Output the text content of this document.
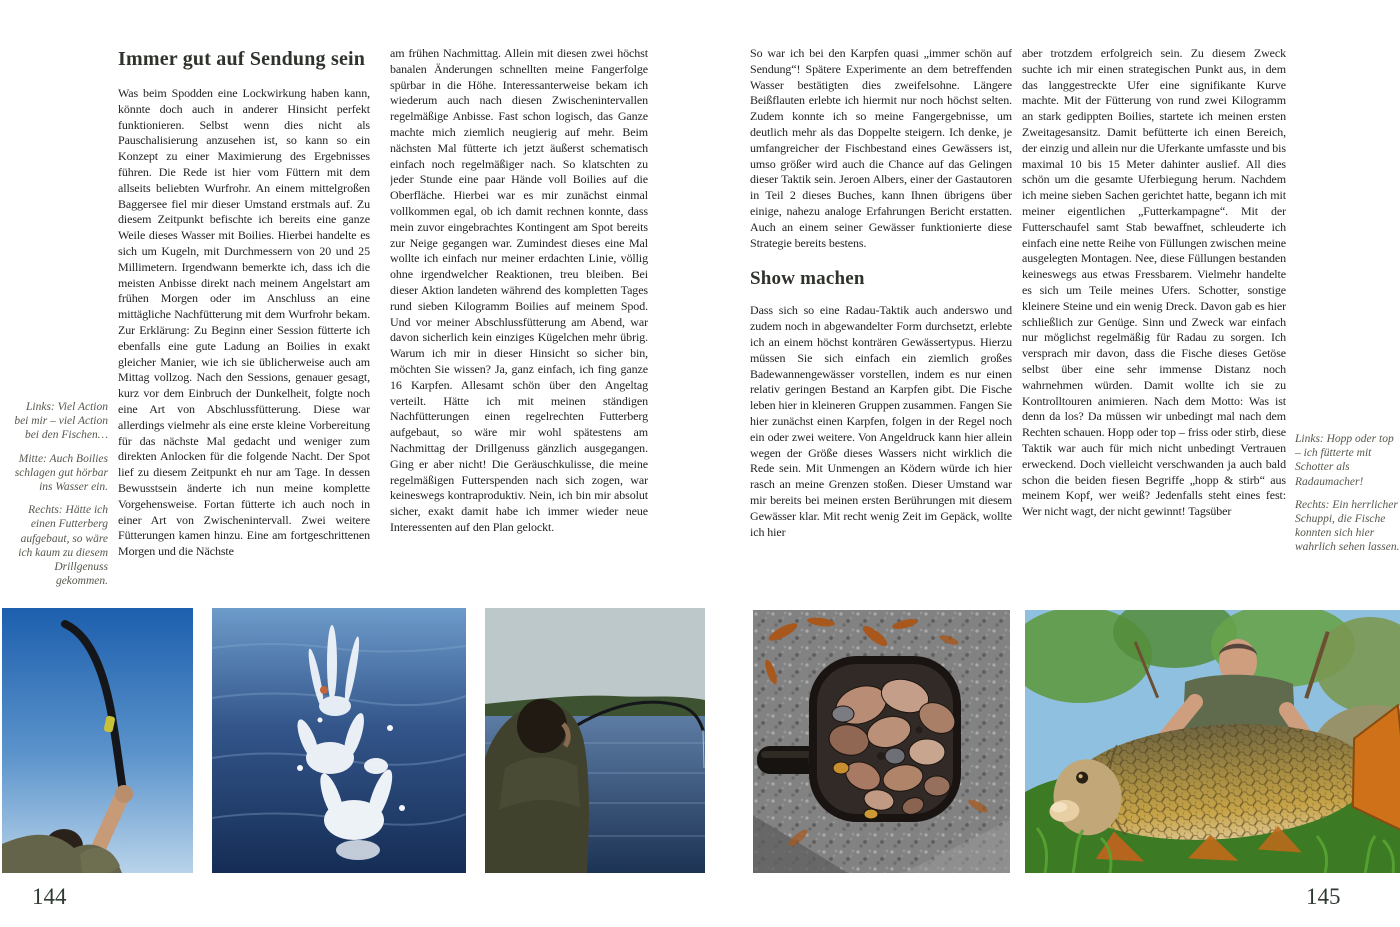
Immer gut auf Sendung sein
Was beim Spodden eine Lockwirkung haben kann, könnte doch auch in anderer Hinsicht perfekt funktionieren. Selbst wenn dies nicht als Pauschalisierung anzusehen ist, so kann so ein Konzept zu einer Maximierung des Ergebnisses führen. Die Rede ist hier vom Füttern mit dem allseits beliebten Wurfrohr. An einem mittelgroßen Baggersee fiel mir dieser Umstand erstmals auf. Zu diesem Zeitpunkt befischte ich bereits eine ganze Weile dieses Wasser mit Boilies. Hierbei handelte es sich um Kugeln, mit Durchmessern von 20 und 25 Millimetern. Irgendwann bemerkte ich, dass ich die meisten Anbisse direkt nach meinem Angelstart am frühen Morgen oder im Anschluss an eine mittägliche Nachfütterung mit dem Wurfrohr bekam. Zur Erklärung: Zu Beginn einer Session fütterte ich ebenfalls eine gute Ladung an Boilies in exakt gleicher Manier, wie ich sie üblicherweise auch am Mittag vollzog. Nach den Sessions, genauer gesagt, kurz vor dem Einbruch der Dunkelheit, folgte noch eine Art von Abschlussfütterung. Diese war allerdings vielmehr als eine erste kleine Vorbereitung für das nächste Mal gedacht und weniger zum direkten Anlocken für die folgende Nacht. Der Spot lief zu diesem Zeitpunkt eh nur am Tage. In dessen Bewusstsein änderte ich nun meine komplette Vorgehensweise. Fortan fütterte ich auch noch in einer Art von Zwischenintervall. Zwei weitere Fütterungen kamen hinzu. Eine am fortgeschrittenen Morgen und die Nächste
am frühen Nachmittag. Allein mit diesen zwei höchst banalen Änderungen schnellten meine Fangerfolge spürbar in die Höhe. Interessanterweise bekam ich wiederum auch nach diesen Zwischenintervallen regelmäßige Anbisse. Fast schon logisch, das Ganze machte mich ziemlich neugierig auf mehr. Beim nächsten Mal fütterte ich jetzt äußerst schematisch einfach noch regelmäßiger nach. So klatschten zu jeder Stunde eine paar Hände voll Boilies auf die Oberfläche. Hierbei war es mir zunächst einmal vollkommen egal, ob ich damit rechnen konnte, dass mein zuvor eingebrachtes Kontingent am Spot bereits zur Neige gegangen war. Zumindest dieses eine Mal wollte ich einfach nur meiner erdachten Linie, völlig ohne irgendwelcher Reaktionen, treu bleiben. Bei dieser Aktion landeten während des kompletten Tages rund sieben Kilogramm Boilies auf meinem Spod. Und vor meiner Abschlussfütterung am Abend, war davon sicherlich kein einziges Kügelchen mehr übrig. Warum ich mir in dieser Hinsicht so sicher bin, möchten Sie wissen? Ja, ganz einfach, ich fing ganze 16 Karpfen. Allesamt schön über den Angeltag verteilt. Hätte ich mit meinen ständigen Nachfütterungen einen regelrechten Futterberg aufgebaut, so wäre mir wohl spätestens am Nachmittag der Drillgenuss gänzlich ausgegangen. Ging er aber nicht! Die Geräuschkulisse, die meine regelmäßigen Futterspenden nach sich zogen, war keineswegs kontraproduktiv. Nein, ich bin mir absolut sicher, exakt damit habe ich immer wieder neue Interessenten auf den Plan gelockt.

Links: Viel Action bei mir – viel Action bei den Fischen…

Mitte: Auch Boilies schlagen gut hörbar ins Wasser ein.

Rechts: Hätte ich einen Futterberg aufgebaut, so wäre ich kaum zu diesem Drillgenuss gekommen.

144
So war ich bei den Karpfen quasi „immer schön auf Sendung“! Spätere Experimente an dem betreffenden Wasser bestätigten dies zweifelsohne. Längere Beißflauten erlebte ich hiermit nur noch höchst selten. Zudem konnte ich so meine Fangergebnisse, um deutlich mehr als das Doppelte steigern. Ich denke, je umfangreicher der Fischbestand eines Gewässers ist, umso größer wird auch die Chance auf das Gelingen dieser Taktik sein. Jeroen Albers, einer der Gastautoren in Teil 2 dieses Buches, kann Ihnen übrigens über einige, nahezu analoge Erfahrungen Bericht erstatten. Auch an einem seiner Gewässer funktionierte diese Strategie bereits bestens.
Show machen
Dass sich so eine Radau-Taktik auch anderswo und zudem noch in abgewandelter Form durchsetzt, erlebte ich an einem höchst konträren Gewässertypus. Hierzu müssen Sie sich einfach ein ziemlich großes Badewannengewässer vorstellen, indem es nur einen relativ geringen Bestand an Karpfen gibt. Die Fische leben hier in kleineren Gruppen zusammen. Fangen Sie hier zunächst einen Karpfen, folgen in der Regel noch ein oder zwei weitere. Von Angeldruck kann hier allein wegen der Größe dieses Wassers nicht wirklich die Rede sein. Mit Unmengen an Ködern würde ich hier rasch an meine Grenzen stoßen. Dieser Umstand war mir bereits bei meinen ersten Berührungen mit diesem Gewässer klar. Mit recht wenig Zeit im Gepäck, wollte ich hier
aber trotzdem erfolgreich sein. Zu diesem Zweck suchte ich mir einen strategischen Punkt aus, in dem das langgestreckte Ufer eine signifikante Kurve machte. Mit der Fütterung von rund zwei Kilogramm an stark gedippten Boilies, startete ich meinen ersten Zweitagesansitz. Damit befütterte ich einen Bereich, der einzig und allein nur die Uferkante umfasste und bis maximal 10 bis 15 Meter dahinter auslief. All dies schön um die gesamte Uferbiegung herum. Nachdem ich meine sieben Sachen gerichtet hatte, begann ich mit meiner eigentlichen „Futterkampagne“. Mit der Futterschaufel samt Stab bewaffnet, schleuderte ich einfach eine nette Reihe von Füllungen zwischen meine ausgelegten Montagen. Nee, diese Füllungen bestanden keineswegs aus etwas Fressbarem. Vielmehr handelte es sich um Teile meines Ufers. Schotter, sonstige kleinere Steine und ein wenig Dreck. Davon gab es hier schließlich zur Genüge. Sinn und Zweck war einfach nur möglichst regelmäßig für Radau zu sorgen. Ich versprach mir davon, dass die Fische dieses Getöse selbst über eine sehr immense Distanz noch wahrnehmen würden. Damit wollte ich sie zu Kontrolltouren animieren. Nach dem Motto: Was ist denn da los? Da müssen wir unbedingt mal nach dem Rechten schauen. Hopp oder top – friss oder stirb, diese Taktik war auch für mich nicht unbedingt Vertrauen erweckend. Doch vielleicht verschwanden ja auch bald schon die beiden fiesen Begriffe „hopp & stirb“ aus meinem Kopf, wer weiß? Jedenfalls steht eines fest: Wer nicht wagt, der nicht gewinnt! Tagsüber

Links: Hopp oder top – ich fütterte mit Schotter als Radaumacher!

Rechts: Ein herrlicher Schuppi, die Fische konnten sich hier wahrlich sehen lassen.

145
